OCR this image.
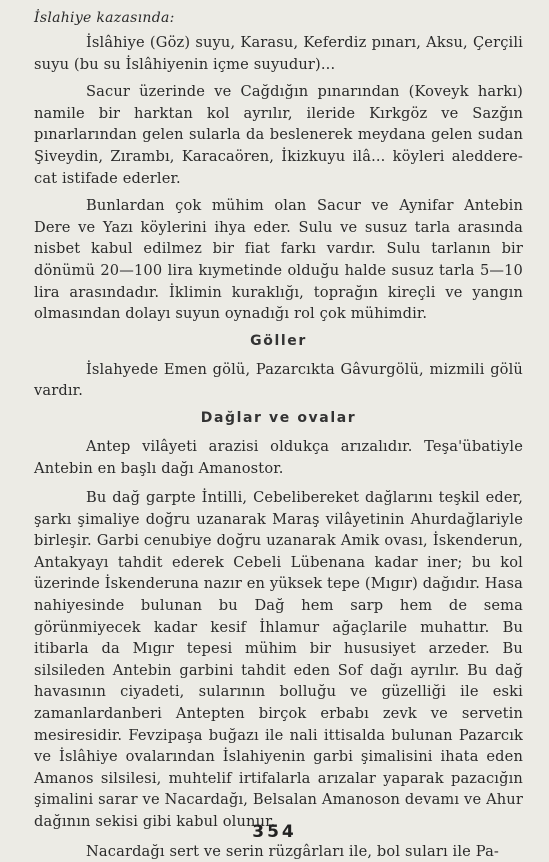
İslahiye kazasında:

İslâhiye (Göz) suyu, Karasu, Keferdiz pınarı, Aksu, Çerçili suyu (bu su İslâhiyenin içme suyudur)...

Sacur üzerinde ve Cağdığın pınarından (Koveyk harkı) namile bir harktan kol ayrılır, ileride Kırkgöz ve Sazğın pınarlarından gelen sularla da beslenerek meydana gelen sudan Şiveydin, Zırambı, Karacaören, İkizkuyu ilâ... köyleri aleddere-cat istifade ederler.

Bunlardan çok mühim olan Sacur ve Aynifar Antebin Dere ve Yazı köylerini ihya eder. Sulu ve susuz tarla arasında nisbet kabul edilmez bir fiat farkı vardır. Sulu tarlanın bir dönümü 20—100 lira kıymetinde olduğu halde susuz tarla 5—10 lira arasındadır. İklimin kuraklığı, toprağın kireçli ve yangın olmasından dolayı suyun oynadığı rol çok mühimdir.

Göller

İslahyede Emen gölü, Pazarcıkta Gâvurgölü, mizmili gölü vardır.

Dağlar ve ovalar

Antep vilâyeti arazisi oldukça arızalıdır. Teşa'übatiyle Antebin en başlı dağı Amanostor.

Bu dağ garpte İntilli, Cebelibereket dağlarını teşkil eder, şarkı şimaliye doğru uzanarak Maraş vilâyetinin Ahurdağlariyle birleşir. Garbi cenubiye doğru uzanarak Amik ovası, İskenderun, Antakyayı tahdit ederek Cebeli Lübenana kadar iner; bu kol üzerinde İskenderuna nazır en yüksek tepe (Mıgır) dağıdır. Hasa nahiyesinde bulunan bu Dağ hem sarp hem de sema görünmiyecek kadar kesif İhlamur ağaçlarile muhattır. Bu itibarla da Mıgır tepesi mühim bir hususiyet arzeder. Bu silsileden Antebin garbini tahdit eden Sof dağı ayrılır. Bu dağ havasının ciyadeti, sularının bolluğu ve güzelliği ile eski zamanlardanberi Antepten birçok erbabı zevk ve servetin mesiresidir. Fevzipaşa buğazı ile nali ittisalda bulunan Pazarcık ve İslâhiye ovalarından İslahiyenin garbi şimalisini ihata eden Amanos silsilesi, muhtelif irtifalarla arızalar yaparak pazacığın şimalini sarar ve Nacardağı, Belsalan Amanoson devamı ve Ahur dağının sekisi gibi kabul olunur.

Nacardağı sert ve serin rüzgârları ile, bol suları ile Pa-

354
